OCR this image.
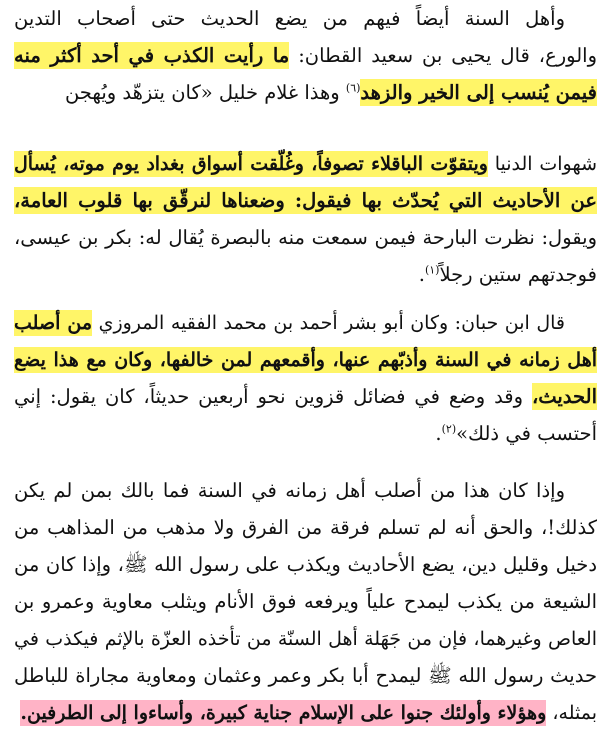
وأهل السنة أيضاً فيهم من يضع الحديث حتى أصحاب التدين
والورع، قال يحيى بن سعيد القطان: ما رأيت الكذب في أحد أكثر منه
فيمن يُنسب إلى الخير والزهد$^{(٦)}$ وهذا غلام خليل «كان يتزهّد ويُهجن
شهوات الدنيا ويتقوّت الباقلاء تصوفاً، وغُلّقت أسواق بغداد يوم موته، يُسأل
عن الأحاديث التي يُحدّث بها فيقول: وضعناها لنرقّق بها قلوب العامة،
ويقول: نظرت البارحة فيمن سمعت منه بالبصرة يُقال له: بكر بن عيسى،
فوجدتهم ستين رجلاً$^{(١)}$.
قال ابن حبان: وكان أبو بشر أحمد بن محمد الفقيه المروزي من أصلب
أهل زمانه في السنة وأذبّهم عنها، وأقمعهم لمن خالفها، وكان مع هذا يضع
الحديث، وقد وضع في فضائل قزوين نحو أربعين حديثاً، كان يقول: إني
أحتسب في ذلك»$^{(٢)}$.
وإذا كان هذا من أصلب أهل زمانه في السنة فما بالك بمن لم يكن
كذلك!، والحق أنه لم تسلم فرقة من الفرق ولا مذهب من المذاهب من
دخيل وقليل دين، يضع الأحاديث ويكذب على رسول الله ﷺ، وإذا كان من
الشيعة من يكذب ليمدح علياً ويرفعه فوق الأنام ويثلب معاوية وعمرو بن
العاص وغيرهما، فإن من جَهَلة أهل السنّة من تأخذه العزّة بالإثم فيكذب في
حديث رسول الله ﷺ ليمدح أبا بكر وعمر وعثمان ومعاوية مجاراة للباطل
بمثله، وهؤلاء وأولئك جنوا على الإسلام جناية كبيرة، وأساءوا إلى الطرفين.
